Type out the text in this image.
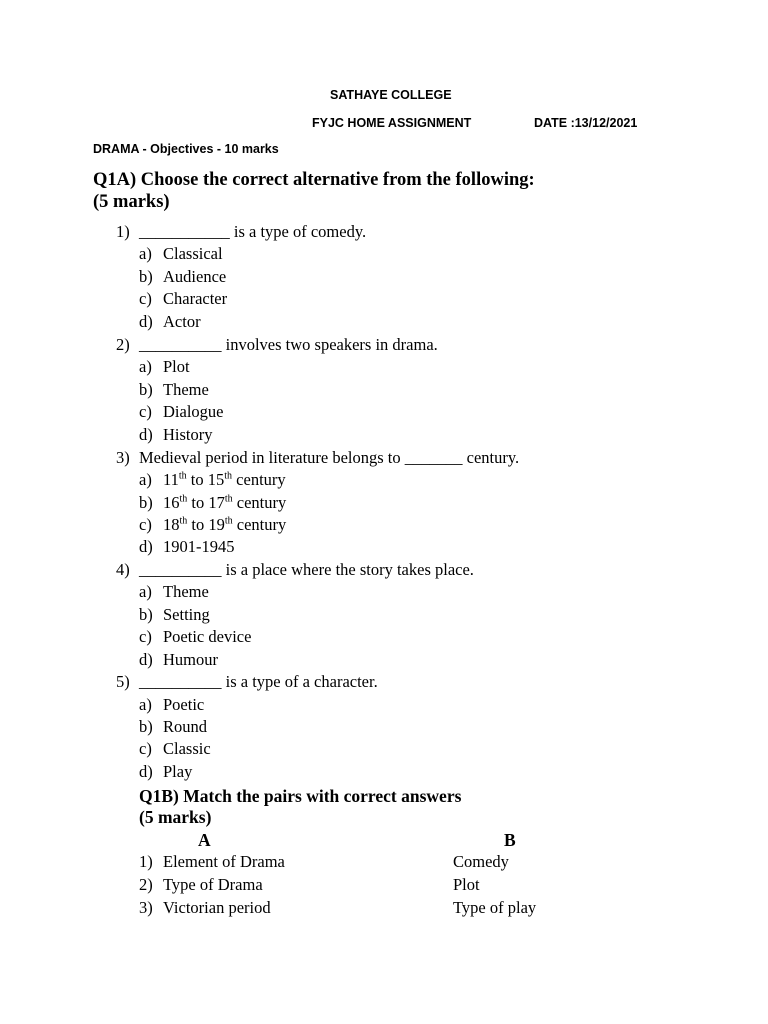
SATHAYE COLLEGE
FYJC HOME ASSIGNMENT	DATE :13/12/2021
DRAMA - Objectives - 10 marks
Q1A) Choose the correct alternative from the following:
(5 marks)
1) ___________ is a type of comedy.
a) Classical
b) Audience
c) Character
d) Actor
2) __________ involves two speakers in drama.
a) Plot
b) Theme
c) Dialogue
d) History
3) Medieval period in literature belongs to _______ century.
a) 11th to 15th century
b) 16th to 17th century
c) 18th to 19th century
d) 1901-1945
4) __________ is a place where the story takes place.
a) Theme
b) Setting
c) Poetic device
d) Humour
5) __________ is a type of a character.
a) Poetic
b) Round
c) Classic
d) Play
Q1B) Match the pairs with correct answers
(5 marks)
A	B
1) Element of Drama	Comedy
2) Type of Drama	Plot
3) Victorian period	Type of play
